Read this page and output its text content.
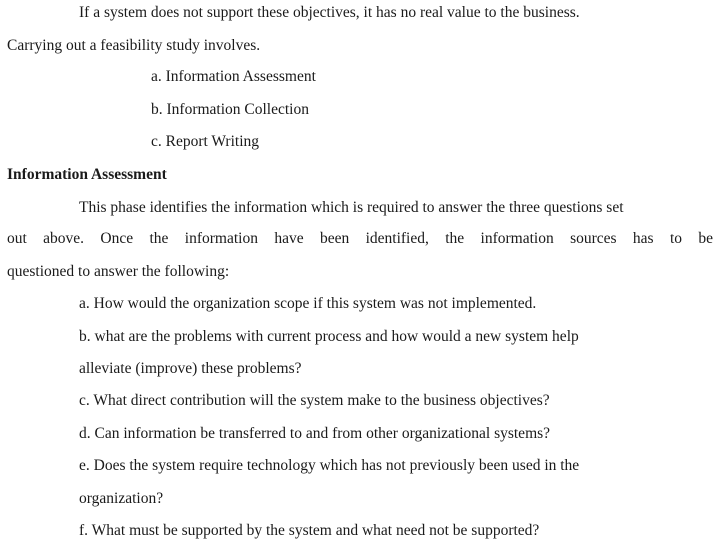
If a system does not support these objectives, it has no real value to the business.
Carrying out a feasibility study involves.
a. Information Assessment
b. Information Collection
c. Report Writing
Information Assessment
This phase identifies the information which is required to answer the three questions set
out above. Once the information have been identified, the information sources has to be
questioned to answer the following:
a. How would the organization scope if this system was not implemented.
b. what are the problems with current process and how would a new system help
alleviate (improve) these problems?
c. What direct contribution will the system make to the business objectives?
d. Can information be transferred to and from other organizational systems?
e. Does the system require technology which has not previously been used in the
organization?
f. What must be supported by the system and what need not be supported?
